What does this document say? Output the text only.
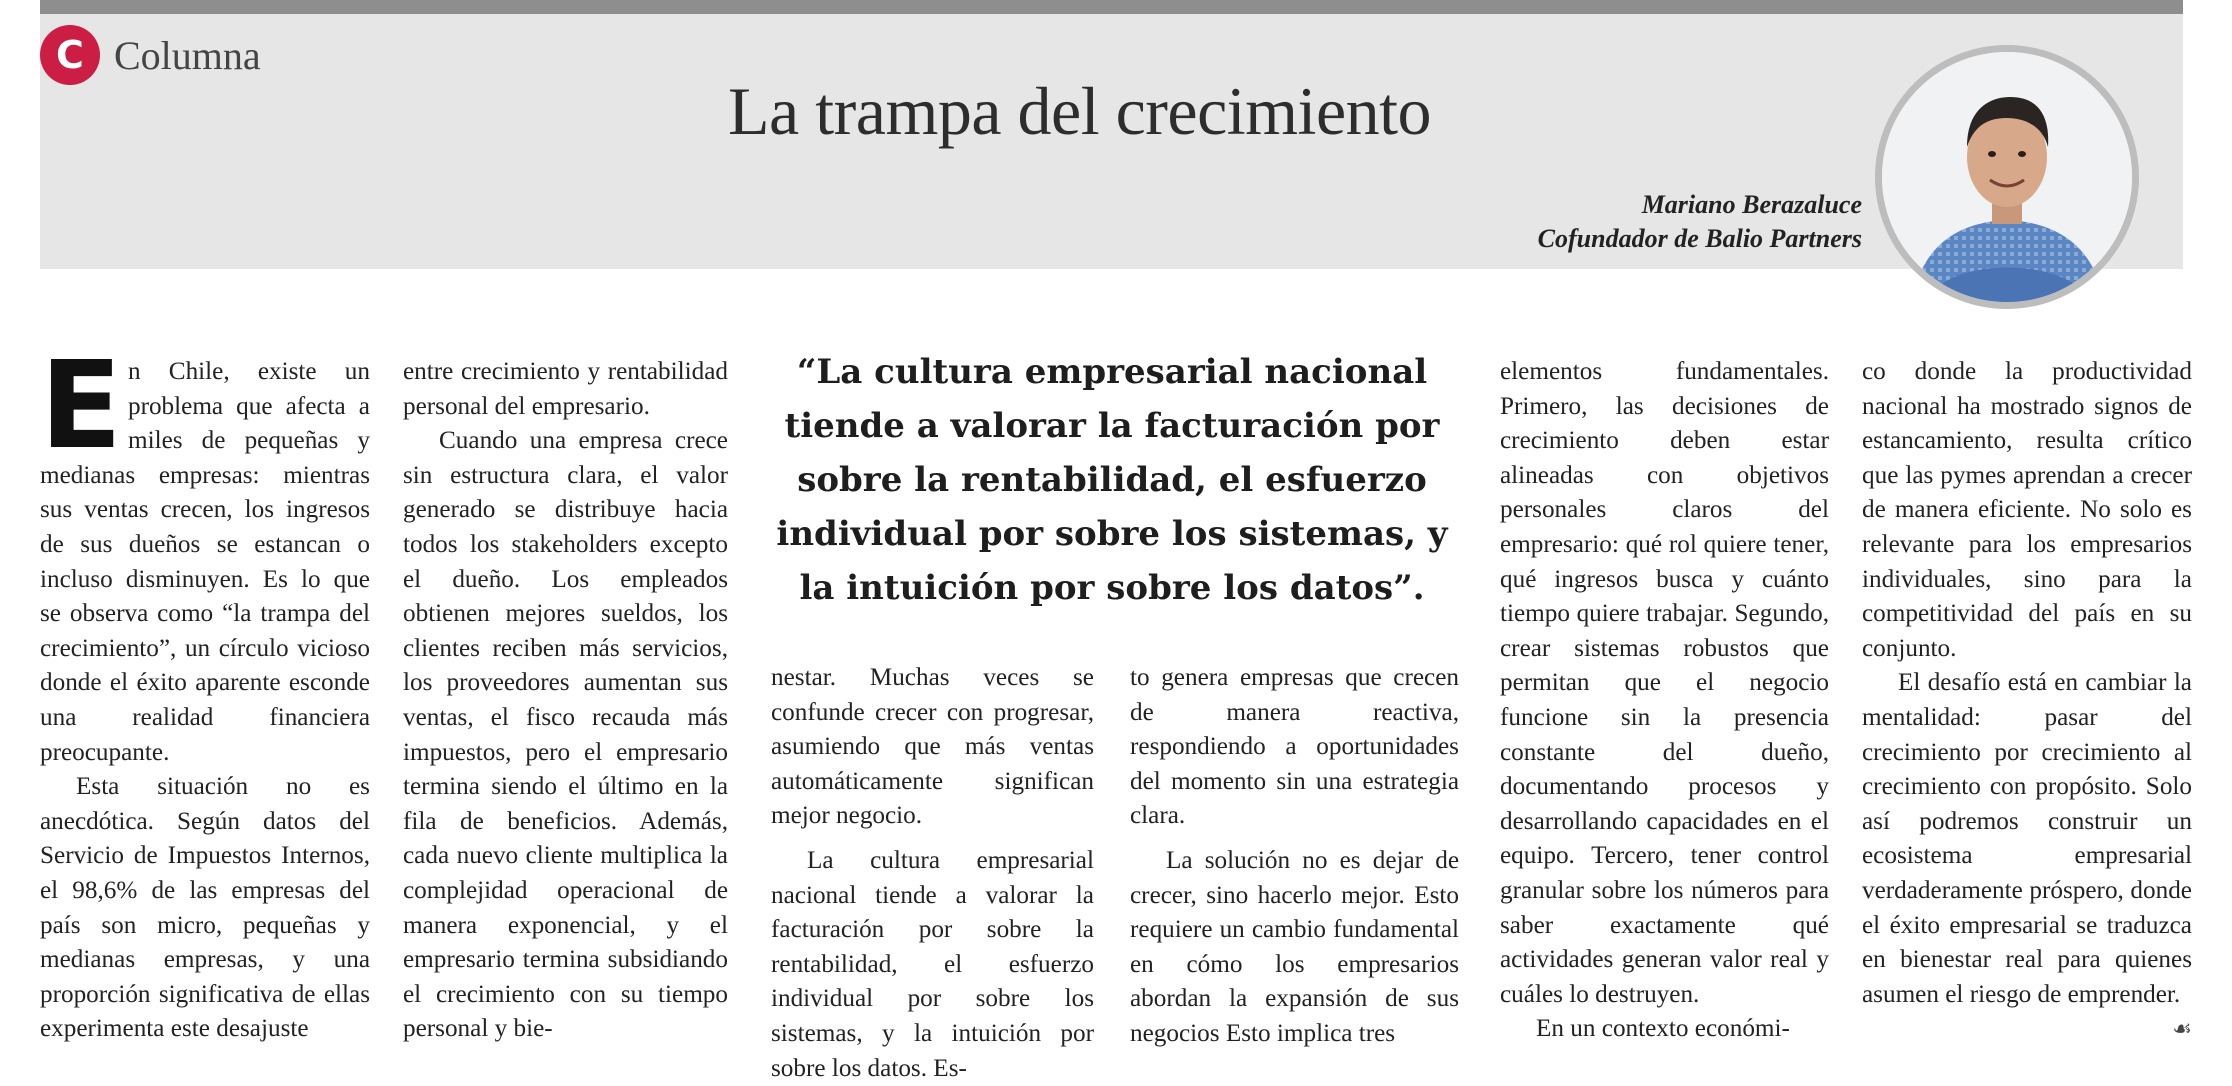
C Columna
La trampa del crecimiento
Mariano Berazaluce
Cofundador de Balio Partners
“La cultura empresarial nacional tiende a valorar la facturación por sobre la rentabilidad, el esfuerzo individual por sobre los sistemas, y la intuición por sobre los datos”.

E n Chile, existe un problema que afecta a miles de pequeñas y medianas empresas: mientras sus ventas crecen, los ingresos de sus dueños se estancan o incluso disminuyen. Es lo que se observa como “la trampa del crecimiento”, un círculo vicioso donde el éxito aparente esconde una realidad financiera preocupante.

Esta situación no es anecdótica. Según datos del Servicio de Impuestos Internos, el 98,6% de las empresas del país son micro, pequeñas y medianas empresas, y una proporción significativa de ellas experimenta este desajuste

entre crecimiento y rentabilidad personal del empresario.

Cuando una empresa crece sin estructura clara, el valor generado se distribuye hacia todos los stakeholders excepto el dueño. Los empleados obtienen mejores sueldos, los clientes reciben más servicios, los proveedores aumentan sus ventas, el fisco recauda más impuestos, pero el empresario termina siendo el último en la fila de beneficios. Además, cada nuevo cliente multiplica la complejidad operacional de manera exponencial, y el empresario termina subsidiando el crecimiento con su tiempo personal y bie-

nestar. Muchas veces se confunde crecer con progresar, asumiendo que más ventas automáticamente significan mejor negocio.

La cultura empresarial nacional tiende a valorar la facturación por sobre la rentabilidad, el esfuerzo individual por sobre los sistemas, y la intuición por sobre los datos. Es-

to genera empresas que crecen de manera reactiva, respondiendo a oportunidades del momento sin una estrategia clara.

La solución no es dejar de crecer, sino hacerlo mejor. Esto requiere un cambio fundamental en cómo los empresarios abordan la expansión de sus negocios Esto implica tres

elementos fundamentales. Primero, las decisiones de crecimiento deben estar alineadas con objetivos personales claros del empresario: qué rol quiere tener, qué ingresos busca y cuánto tiempo quiere trabajar. Segundo, crear sistemas robustos que permitan que el negocio funcione sin la presencia constante del dueño, documentando procesos y desarrollando capacidades en el equipo. Tercero, tener control granular sobre los números para saber exactamente qué actividades generan valor real y cuáles lo destruyen.

En un contexto económi-

co donde la productividad nacional ha mostrado signos de estancamiento, resulta crítico que las pymes aprendan a crecer de manera eficiente. No solo es relevante para los empresarios individuales, sino para la competitividad del país en su conjunto.

El desafío está en cambiar la mentalidad: pasar del crecimiento por crecimiento al crecimiento con propósito. Solo así podremos construir un ecosistema empresarial verdaderamente próspero, donde el éxito empresarial se traduzca en bienestar real para quienes asumen el riesgo de emprender.
☙
